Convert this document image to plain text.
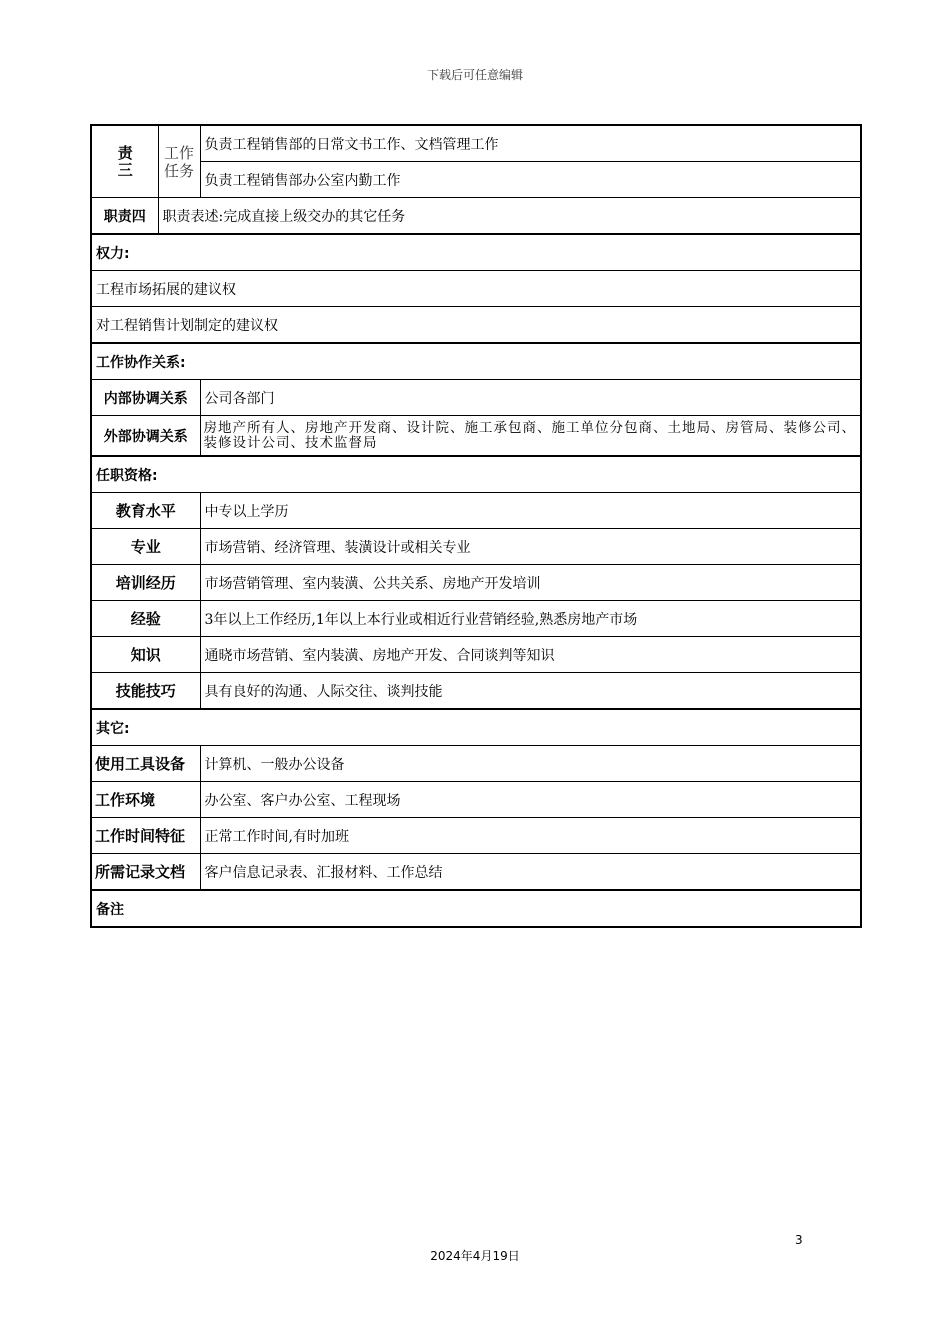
下载后可任意编辑
责三	工作任务	负责工程销售部的日常文书工作、文档管理工作
		负责工程销售部办公室内勤工作
职责四	职责表述:完成直接上级交办的其它任务	
权力:		
工程市场拓展的建议权		
对工程销售计划制定的建议权		
工作协作关系:		
内部协调关系		公司各部门
外部协调关系		房地产所有人、房地产开发商、设计院、施工承包商、施工单位分包商、土地局、房管局、装修公司、装修设计公司、技术监督局
任职资格:		
教育水平		中专以上学历
专业		市场营销、经济管理、装潢设计或相关专业
培训经历		市场营销管理、室内装潢、公共关系、房地产开发培训
经验		3年以上工作经历,1年以上本行业或相近行业营销经验,熟悉房地产市场
知识		通晓市场营销、室内装潢、房地产开发、合同谈判等知识
技能技巧		具有良好的沟通、人际交往、谈判技能
其它:		
使用工具设备		计算机、一般办公设备
工作环境		办公室、客户办公室、工程现场
工作时间特征		正常工作时间,有时加班
所需记录文档		客户信息记录表、汇报材料、工作总结
备注		
3
2024年4月19日
